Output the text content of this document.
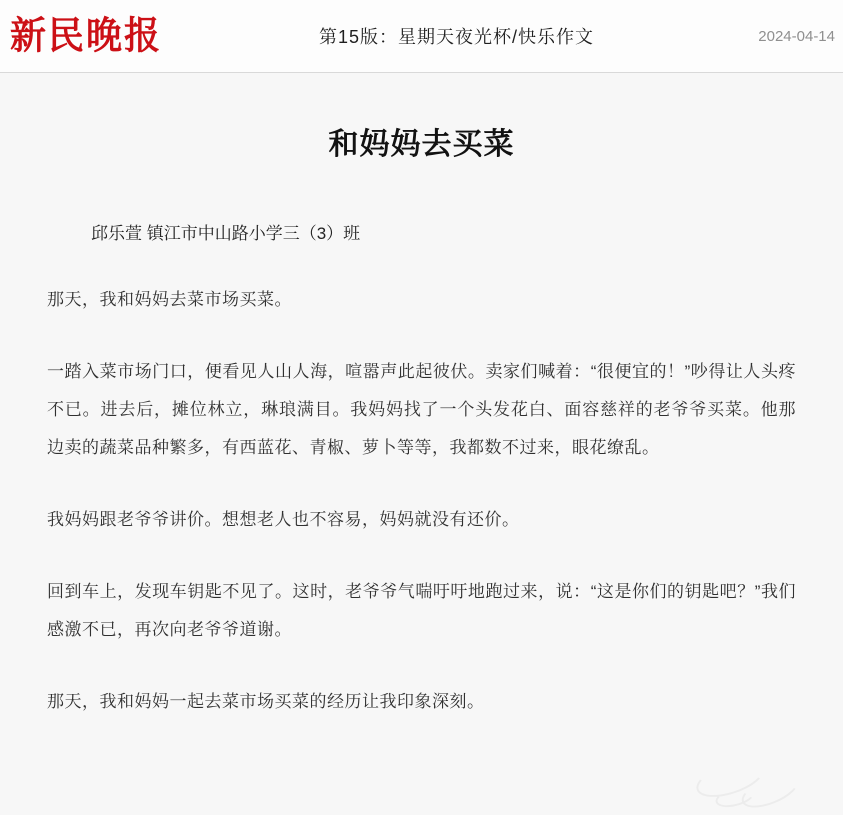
新民晚报	第15版：星期天夜光杯/快乐作文	2024-04-14
和妈妈去买菜
邱乐萱 镇江市中山路小学三（3）班

那天，我和妈妈去菜市场买菜。

一踏入菜市场门口，便看见人山人海，喧嚣声此起彼伏。卖家们喊着：“很便宜的！”吵得让人头疼不已。进去后，摊位林立，琳琅满目。我妈妈找了一个头发花白、面容慈祥的老爷爷买菜。他那边卖的蔬菜品种繁多，有西蓝花、青椒、萝卜等等，我都数不过来，眼花缭乱。

我妈妈跟老爷爷讲价。想想老人也不容易，妈妈就没有还价。

回到车上，发现车钥匙不见了。这时，老爷爷气喘吁吁地跑过来，说：“这是你们的钥匙吧？”我们感激不已，再次向老爷爷道谢。

那天，我和妈妈一起去菜市场买菜的经历让我印象深刻。
